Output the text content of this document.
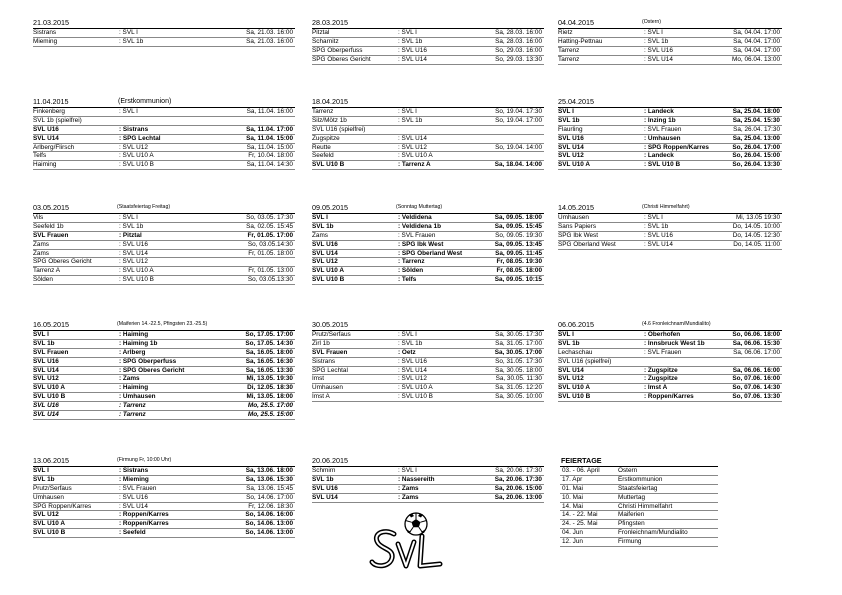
21.03.2015
Sistrans	: SVL I	Sa, 21.03. 16:00
Mieming	: SVL 1b	Sa, 21.03. 16:00
28.03.2015
Pitztal	: SVL I	Sa, 28.03. 16:00
Scharnitz	: SVL 1b	Sa, 28.03. 16:00
SPG Oberperfuss	: SVL U16	So, 29.03. 16:00
SPG Oberes Gericht	: SVL U14	So, 29.03. 13:30
04.04.2015	(Ostern)
Rietz	: SVL I	Sa, 04.04. 17:00
Hatting-Pettnau	: SVL 1b	Sa, 04.04. 17:00
Tarrenz	: SVL U16	Sa, 04.04. 17:00
Tarrenz	: SVL U14	Mo, 06.04. 13:00
11.04.2015	(Erstkommunion)
Finkenberg	: SVL I	Sa, 11.04. 16:00
SVL 1b (spielfrei)
SVL U16	: Sistrans	Sa, 11.04. 17:00
SVL U14	: SPG Lechtal	Sa, 11.04. 15:00
Arlberg/Flirsch	: SVL U12	Sa, 11.04. 15:00
Telfs	: SVL U10 A	Fr, 10.04. 18:00
Haiming	: SVL U10 B	Sa, 11.04. 14:30
18.04.2015
Tarrenz	: SVL I	So, 19.04. 17:30
Silz/Mötz 1b	: SVL 1b	So, 19.04. 17:00
SVL U16 (spielfrei)
Zugspitze	: SVL U14
Reutte	: SVL U12	So, 19.04. 14:00
Seefeld	: SVL U10 A
SVL U10 B	: Tarrenz A	Sa, 18.04. 14:00
25.04.2015
SVL I	: Landeck	Sa, 25.04. 18:00
SVL 1b	: Inzing 1b	Sa, 25.04. 15:30
Flaurling	: SVL Frauen	Sa, 26.04. 17:30
SVL U16	: Umhausen	Sa, 25.04. 13:00
SVL U14	: SPG Roppen/Karres	So, 26.04. 17:00
SVL U12	: Landeck	So, 26.04. 15:00
SVL U10 A	: SVL U10 B	So, 26.04. 13:30
03.05.2015	(Staatsfeiertag Freitag)
Vils	: SVL I	So, 03.05. 17:30
Seefeld 1b	: SVL 1b	Sa, 02.05. 15:45
SVL Frauen	: Pitztal	Fr, 01.05. 17:00
Zams	: SVL U16	So, 03.05.14:30
Zams	: SVL U14	Fr, 01.05. 18:00
SPG Oberes Gericht	: SVL U12
Tarrenz A	: SVL U10 A	Fr, 01.05. 13:00
Sölden	: SVL U10 B	So, 03.05.13:30
09.05.2015	(Sonntag Muttertag)
SVL I	: Veldidena	Sa, 09.05. 18:00
SVL 1b	: Veldidena 1b	Sa, 09.05. 15:45
Zams	: SVL Frauen	So, 09.05. 19:30
SVL U16	: SPG Ibk West	Sa, 09.05. 13:45
SVL U14	: SPG Oberland West	Sa, 09.05. 11:45
SVL U12	: Tarrenz	Fr, 08.05. 19:30
SVL U10 A	: Sölden	Fr, 08.05. 18:00
SVL U10 B	: Telfs	Sa, 09.05. 10:15
14.05.2015	(Christi Himmelfahrt)
Umhausen	: SVL I	Mi, 13.05 19:30
Sans Papiers	: SVL 1b	Do, 14.05. 10:00
SPG Ibk West	: SVL U16	Do, 14.05. 12:30
SPG Oberland West	: SVL U14	Do, 14.05. 11:00
16.05.2015	(Maiferien 14.-22.5, Pfingsten 23.-25.5)
SVL I	: Haiming	So, 17.05. 17:00
SVL 1b	: Haiming 1b	So, 17.05. 14:30
SVL Frauen	: Arlberg	Sa, 16.05. 18:00
SVL U16	: SPG Oberperfuss	Sa, 16.05. 16:30
SVL U14	: SPG Oberes Gericht	Sa, 16.05. 13:30
SVL U12	: Zams	Mi, 13.05. 19:30
SVL U10 A	: Haiming	Di, 12.05. 18:30
SVL U10 B	: Umhausen	Mi, 13.05. 18:00
SVL U16	: Tarrenz	Mo, 25.5. 17:00
SVL U14	: Tarrenz	Mo, 25.5. 15:00
30.05.2015
Prutz/Serfaus	: SVL I	Sa, 30.05. 17:30
Zirl 1b	: SVL 1b	Sa, 31.05. 17:00
SVL Frauen	: Oetz	Sa, 30.05. 17:00
Sistrans	: SVL U16	So, 31.05. 17:30
SPG Lechtal	: SVL U14	Sa, 30.05. 18:00
Imst	: SVL U12	Sa, 30.05. 11:30
Umhausen	: SVL U10 A	Sa, 31.05. 12:20
Imst A	: SVL U10 B	Sa, 30.05. 10:00
06.06.2015	(4.6 Fronleichnam/Mundialito)
SVL I	: Oberhofen	So, 06.06. 18:00
SVL 1b	: Innsbruck West 1b	Sa, 06.06. 15:30
Lechaschau	: SVL Frauen	Sa, 06.06. 17:00
SVL U16 (spielfrei)
SVL U14	: Zugspitze	Sa, 06.06. 16:00
SVL U12	: Zugspitze	So, 07.06. 16:00
SVL U10 A	: Imst A	So, 07.06. 14:30
SVL U10 B	: Roppen/Karres	So, 07.06. 13:30
13.06.2015	(Firmung Fr, 10:00 Uhr)
SVL I	: Sistrans	Sa, 13.06. 18:00
SVL 1b	: Mieming	Sa, 13.06. 15:30
Prutz/Serfaus	: SVL Frauen	Sa, 13.06. 15:45
Umhausen	: SVL U16	So, 14.06. 17:00
SPG Roppen/Karres	: SVL U14	Fr, 12.06. 18:30
SVL U12	: Roppen/Karres	So, 14.06. 16:00
SVL U10 A	: Roppen/Karres	So, 14.06. 13:00
SVL U10 B	: Seefeld	So, 14.06. 13:00
20.06.2015
Schmirn	: SVL I	Sa, 20.06. 17:30
SVL 1b	: Nassereith	Sa, 20.06. 17:30
SVL U16	: Zams	Sa, 20.06. 15:00
SVL U14	: Zams	Sa, 20.06. 13:00
FEIERTAGE
03. - 06. April	Ostern
17. Apr	Erstkommunion
01. Mai	Staatsfeiertag
10. Mai	Muttertag
14. Mai	Christi Himmelfahrt
14. - 22. Mai	Maiferien
24. - 25. Mai	Pfingsten
04. Jun	Fronleichnam/Mundialito
12. Jun	Firmung
